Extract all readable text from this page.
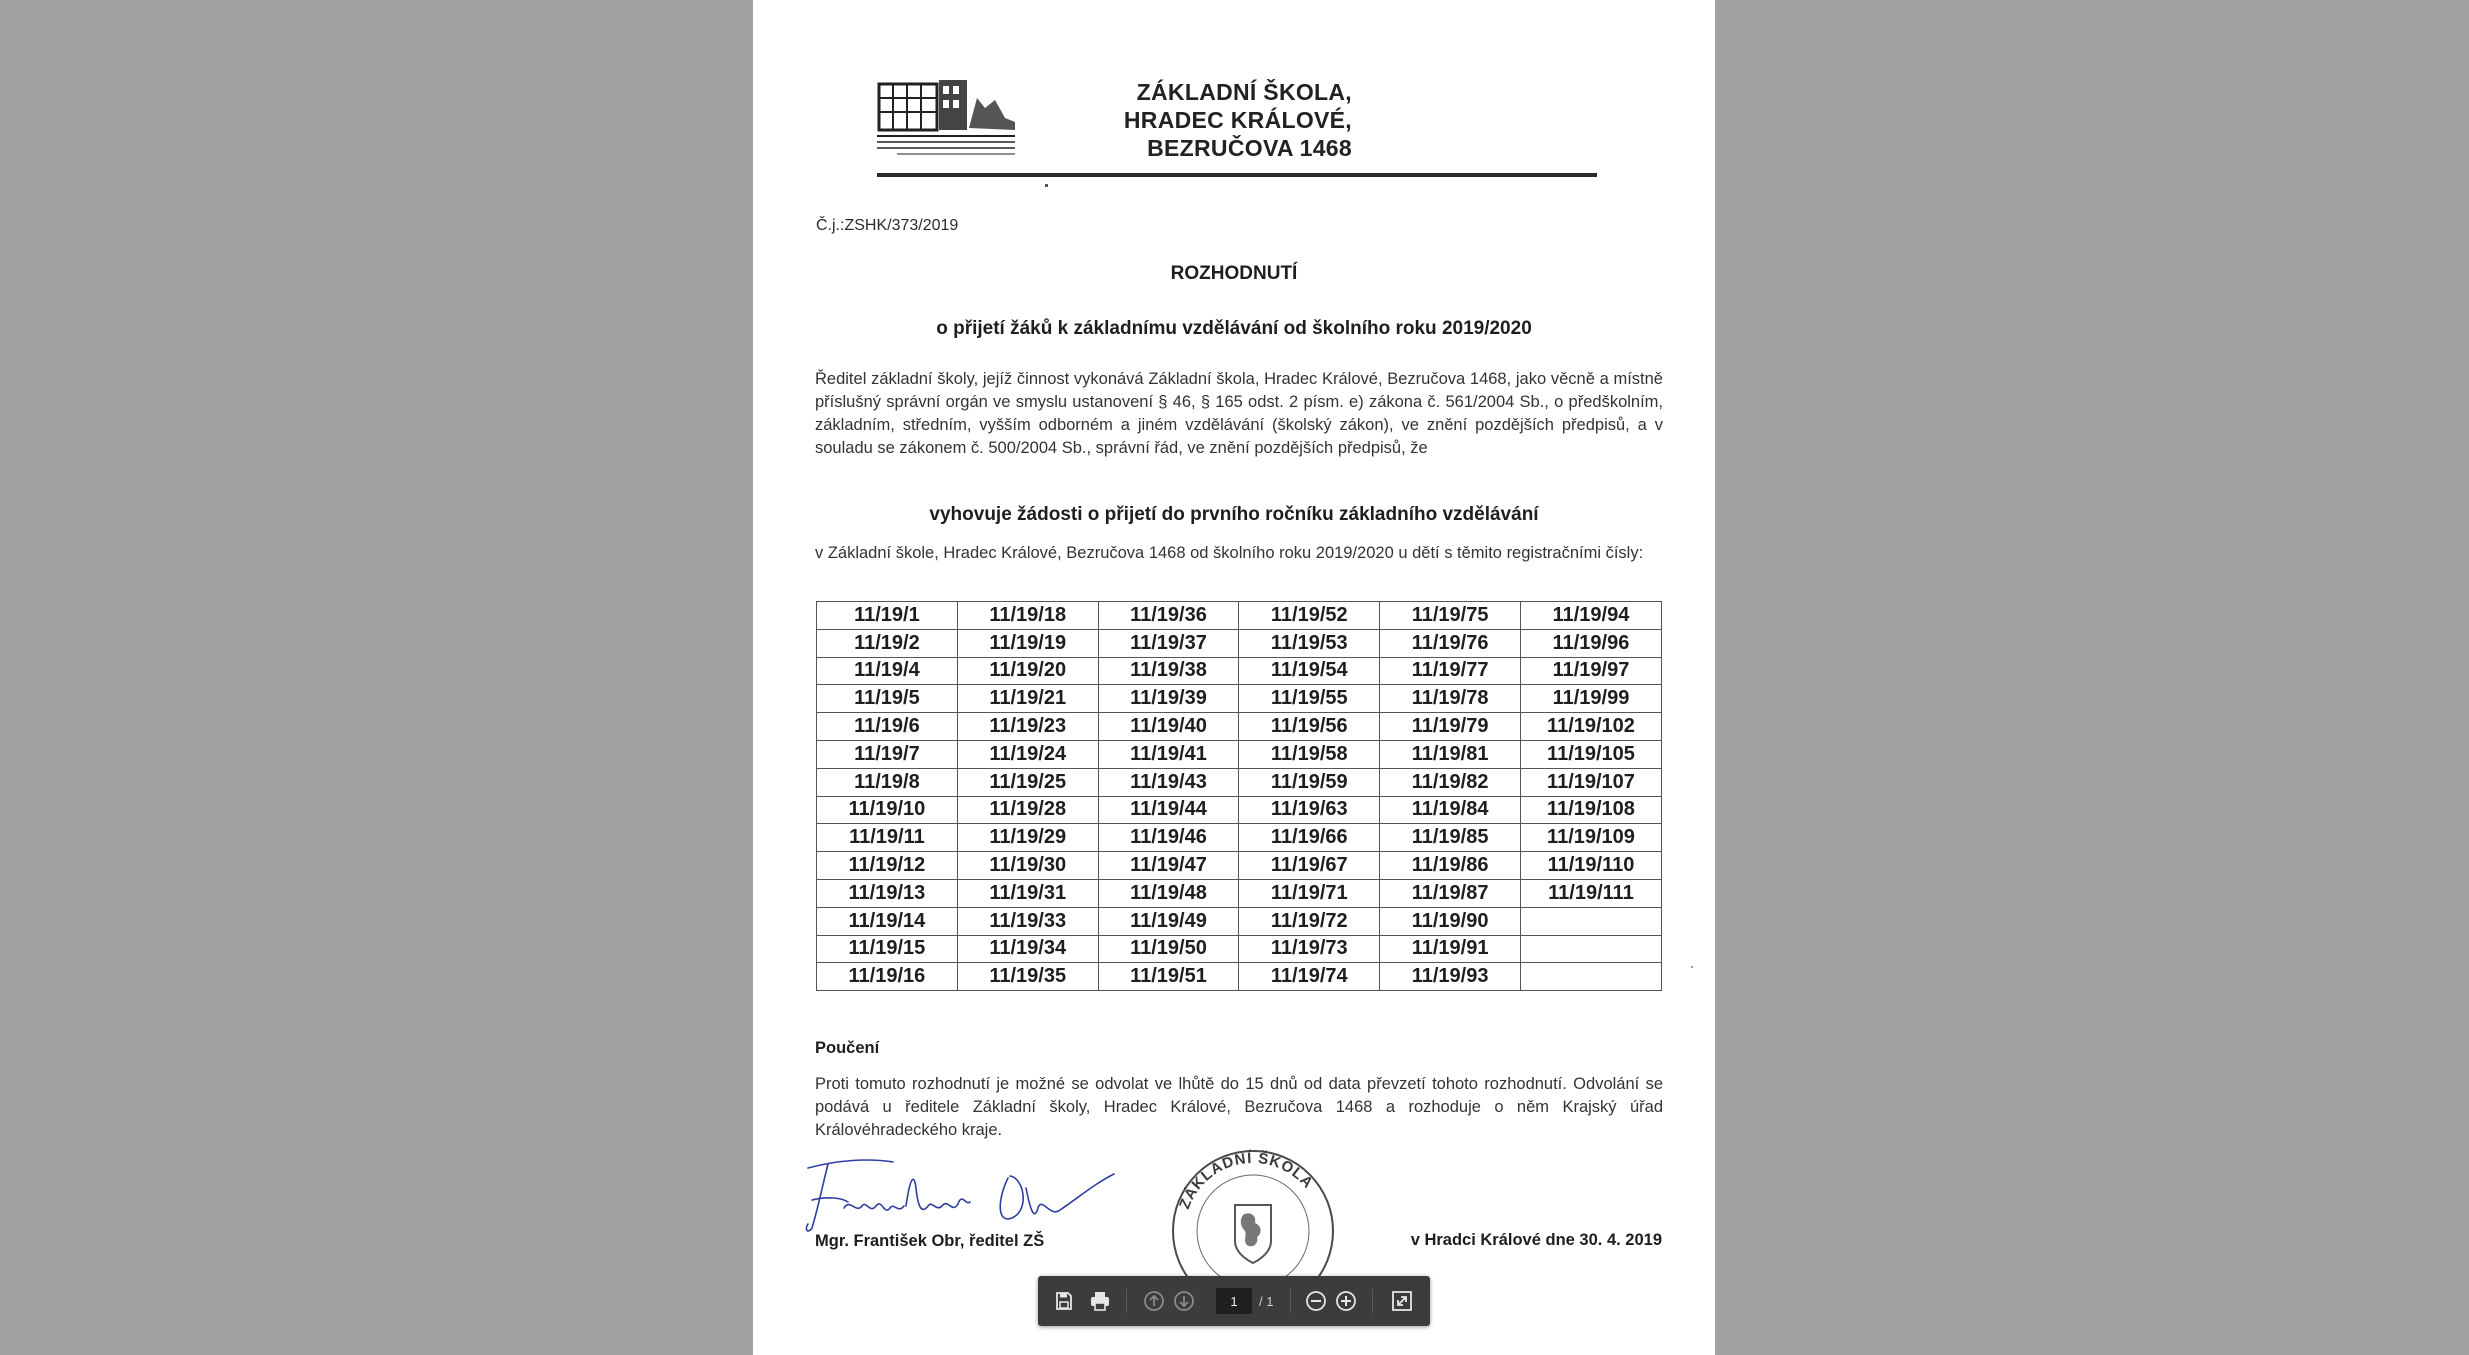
ZÁKLADNÍ ŠKOLA,
HRADEC KRÁLOVÉ,
BEZRUČOVA 1468
Č.j.:ZSHK/373/2019
ROZHODNUTÍ
o přijetí žáků k základnímu vzdělávání od školního roku 2019/2020
Ředitel základní školy, jejíž činnost vykonává Základní škola, Hradec Králové, Bezručova 1468, jako věcně a místně příslušný správní orgán ve smyslu ustanovení § 46, § 165 odst. 2 písm. e) zákona č. 561/2004 Sb., o předškolním, základním, středním, vyšším odborném a jiném vzdělávání (školský zákon), ve znění pozdějších předpisů, a v souladu se zákonem č. 500/2004 Sb., správní řád, ve znění pozdějších předpisů, že
vyhovuje žádosti o přijetí do prvního ročníku základního vzdělávání
v Základní škole, Hradec Králové, Bezručova 1468 od školního roku 2019/2020 u dětí s těmito registračními čísly:
11/19/1	11/19/18	11/19/36	11/19/52	11/19/75	11/19/94
11/19/2	11/19/19	11/19/37	11/19/53	11/19/76	11/19/96
11/19/4	11/19/20	11/19/38	11/19/54	11/19/77	11/19/97
11/19/5	11/19/21	11/19/39	11/19/55	11/19/78	11/19/99
11/19/6	11/19/23	11/19/40	11/19/56	11/19/79	11/19/102
11/19/7	11/19/24	11/19/41	11/19/58	11/19/81	11/19/105
11/19/8	11/19/25	11/19/43	11/19/59	11/19/82	11/19/107
11/19/10	11/19/28	11/19/44	11/19/63	11/19/84	11/19/108
11/19/11	11/19/29	11/19/46	11/19/66	11/19/85	11/19/109
11/19/12	11/19/30	11/19/47	11/19/67	11/19/86	11/19/110
11/19/13	11/19/31	11/19/48	11/19/71	11/19/87	11/19/111
11/19/14	11/19/33	11/19/49	11/19/72	11/19/90	
11/19/15	11/19/34	11/19/50	11/19/73	11/19/91	
11/19/16	11/19/35	11/19/51	11/19/74	11/19/93	
Poučení
Proti tomuto rozhodnutí je možné se odvolat ve lhůtě do 15 dnů od data převzetí tohoto rozhodnutí. Odvolání se podává u ředitele Základní školy, Hradec Králové, Bezručova 1468 a rozhoduje o něm Krajský úřad Královéhradeckého kraje.
ZÁKLADNÍ ŠKOLA
Mgr. František Obr, ředitel ZŠ	v Hradci Králové dne 30. 4. 2019
1
/ 1
